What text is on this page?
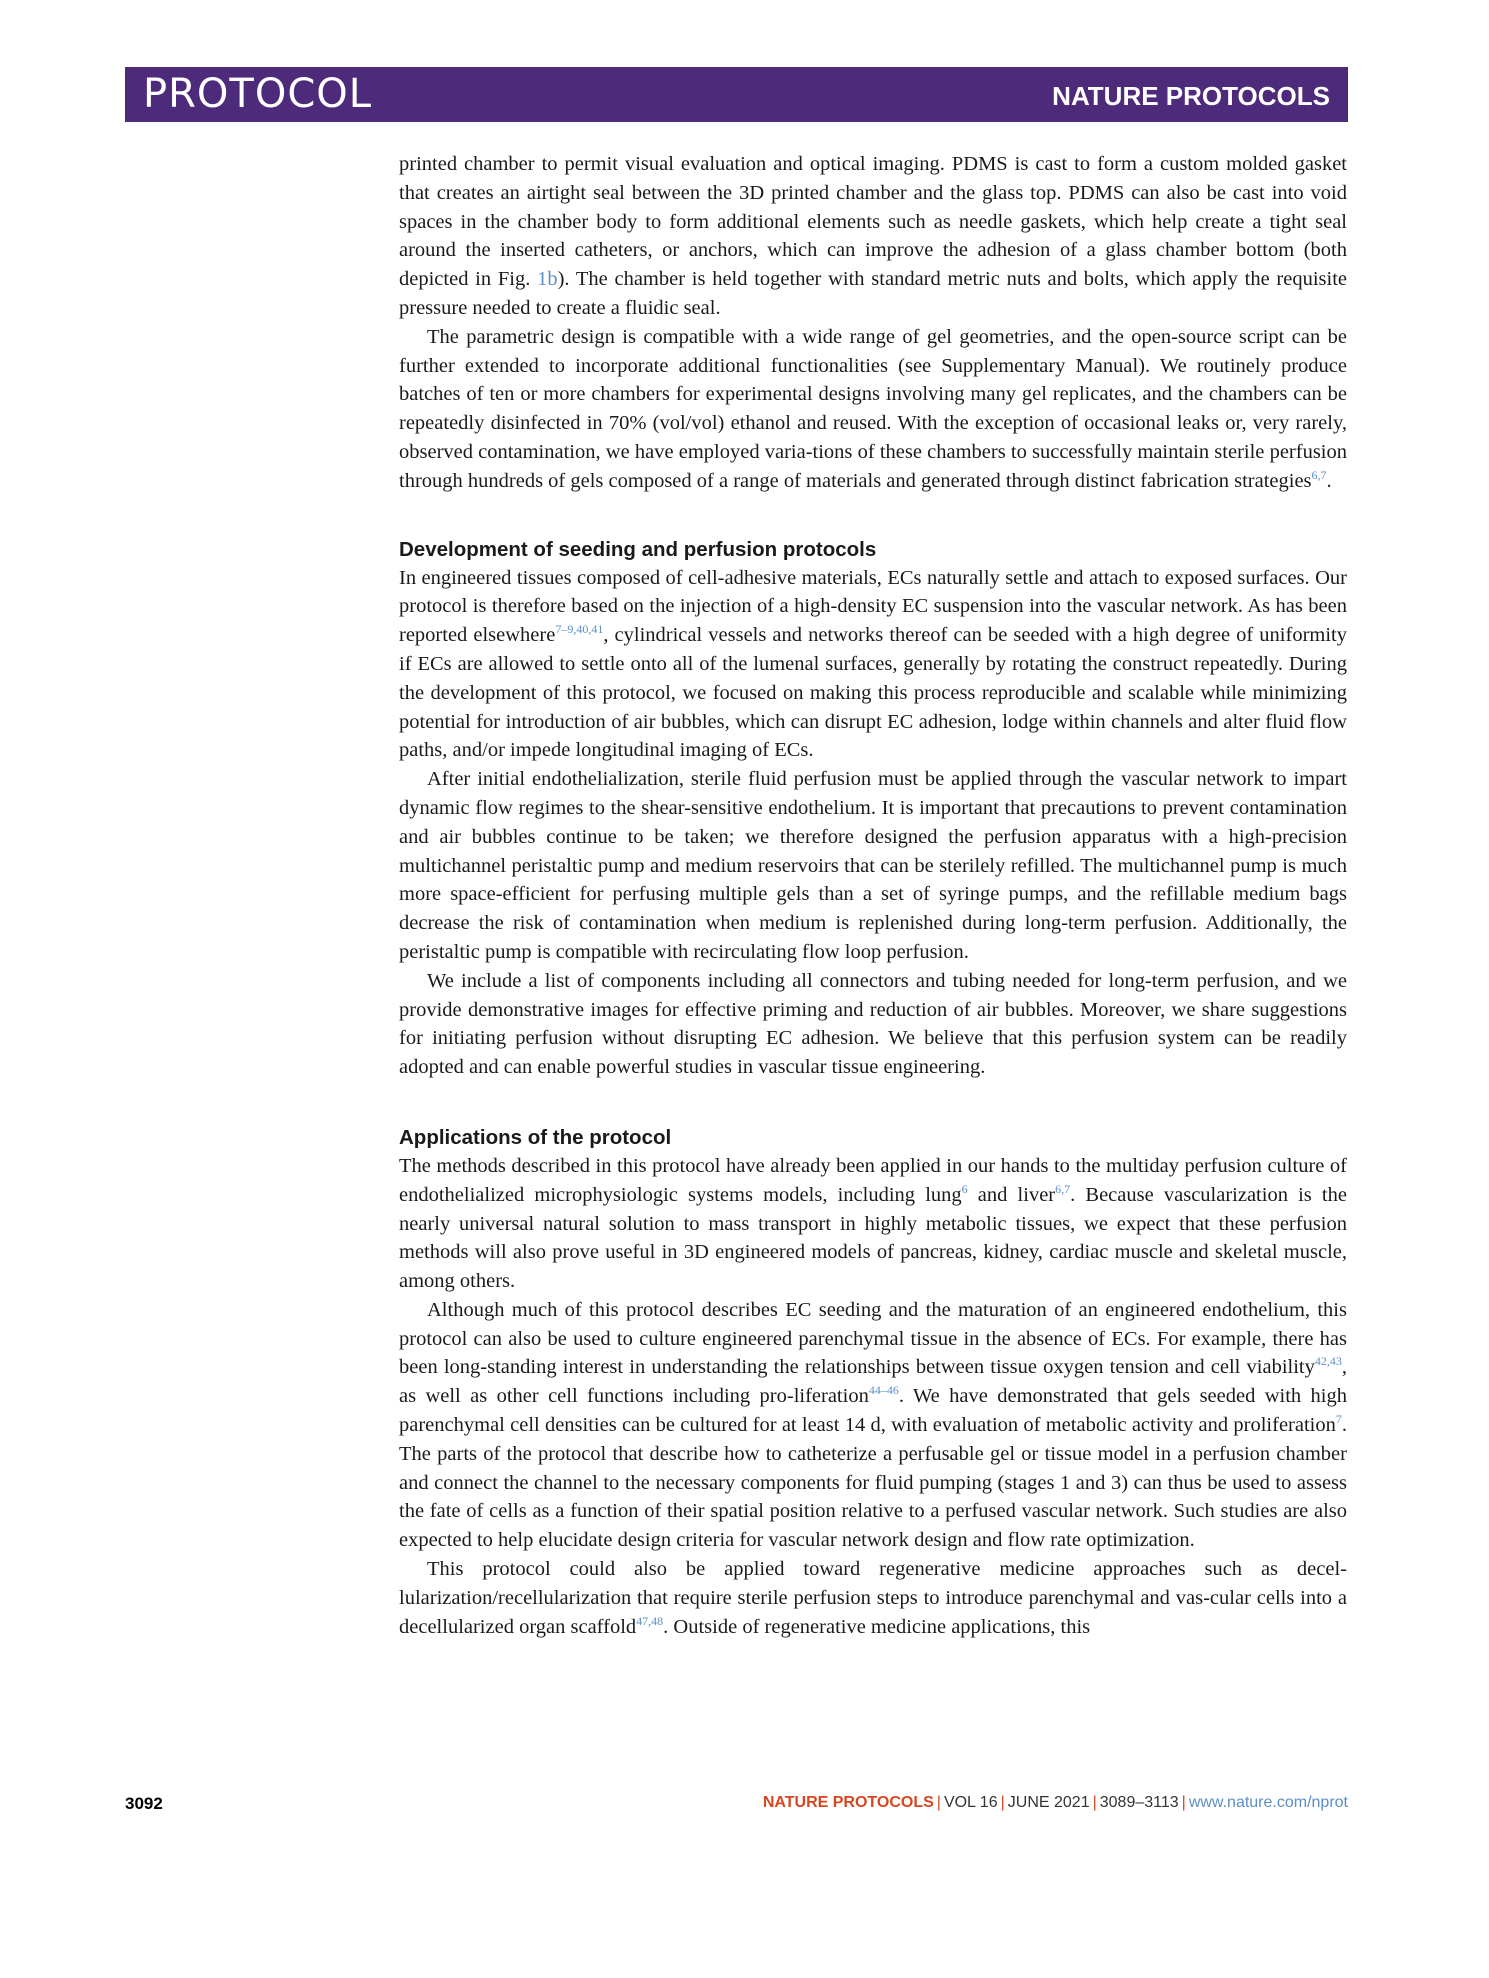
PROTOCOL	NATURE PROTOCOLS

printed chamber to permit visual evaluation and optical imaging. PDMS is cast to form a custom molded gasket that creates an airtight seal between the 3D printed chamber and the glass top. PDMS can also be cast into void spaces in the chamber body to form additional elements such as needle gaskets, which help create a tight seal around the inserted catheters, or anchors, which can improve the adhesion of a glass chamber bottom (both depicted in Fig. 1b). The chamber is held together with standard metric nuts and bolts, which apply the requisite pressure needed to create a fluidic seal.

The parametric design is compatible with a wide range of gel geometries, and the open-source script can be further extended to incorporate additional functionalities (see Supplementary Manual). We routinely produce batches of ten or more chambers for experimental designs involving many gel replicates, and the chambers can be repeatedly disinfected in 70% (vol/vol) ethanol and reused. With the exception of occasional leaks or, very rarely, observed contamination, we have employed varia-tions of these chambers to successfully maintain sterile perfusion through hundreds of gels composed of a range of materials and generated through distinct fabrication strategies$^{6,7}$.

Development of seeding and perfusion protocols

In engineered tissues composed of cell-adhesive materials, ECs naturally settle and attach to exposed surfaces. Our protocol is therefore based on the injection of a high-density EC suspension into the vascular network. As has been reported elsewhere$^{7-9,40,41}$, cylindrical vessels and networks thereof can be seeded with a high degree of uniformity if ECs are allowed to settle onto all of the lumenal surfaces, generally by rotating the construct repeatedly. During the development of this protocol, we focused on making this process reproducible and scalable while minimizing potential for introduction of air bubbles, which can disrupt EC adhesion, lodge within channels and alter fluid flow paths, and/or impede longitudinal imaging of ECs.

After initial endothelialization, sterile fluid perfusion must be applied through the vascular network to impart dynamic flow regimes to the shear-sensitive endothelium. It is important that precautions to prevent contamination and air bubbles continue to be taken; we therefore designed the perfusion apparatus with a high-precision multichannel peristaltic pump and medium reservoirs that can be sterilely refilled. The multichannel pump is much more space-efficient for perfusing multiple gels than a set of syringe pumps, and the refillable medium bags decrease the risk of contamination when medium is replenished during long-term perfusion. Additionally, the peristaltic pump is compatible with recirculating flow loop perfusion.

We include a list of components including all connectors and tubing needed for long-term perfusion, and we provide demonstrative images for effective priming and reduction of air bubbles. Moreover, we share suggestions for initiating perfusion without disrupting EC adhesion. We believe that this perfusion system can be readily adopted and can enable powerful studies in vascular tissue engineering.

Applications of the protocol

The methods described in this protocol have already been applied in our hands to the multiday perfusion culture of endothelialized microphysiologic systems models, including lung$^6$ and liver$^{6,7}$. Because vascularization is the nearly universal natural solution to mass transport in highly metabolic tissues, we expect that these perfusion methods will also prove useful in 3D engineered models of pancreas, kidney, cardiac muscle and skeletal muscle, among others.

Although much of this protocol describes EC seeding and the maturation of an engineered endothelium, this protocol can also be used to culture engineered parenchymal tissue in the absence of ECs. For example, there has been long-standing interest in understanding the relationships between tissue oxygen tension and cell viability$^{42,43}$, as well as other cell functions including pro-liferation$^{44-46}$. We have demonstrated that gels seeded with high parenchymal cell densities can be cultured for at least 14 d, with evaluation of metabolic activity and proliferation$^7$. The parts of the protocol that describe how to catheterize a perfusable gel or tissue model in a perfusion chamber and connect the channel to the necessary components for fluid pumping (stages 1 and 3) can thus be used to assess the fate of cells as a function of their spatial position relative to a perfused vascular network. Such studies are also expected to help elucidate design criteria for vascular network design and flow rate optimization.

This protocol could also be applied toward regenerative medicine approaches such as decel-lularization/recellularization that require sterile perfusion steps to introduce parenchymal and vas-cular cells into a decellularized organ scaffold$^{47,48}$. Outside of regenerative medicine applications, this

3092	NATURE PROTOCOLS | VOL 16 | JUNE 2021 | 3089–3113 | www.nature.com/nprot
